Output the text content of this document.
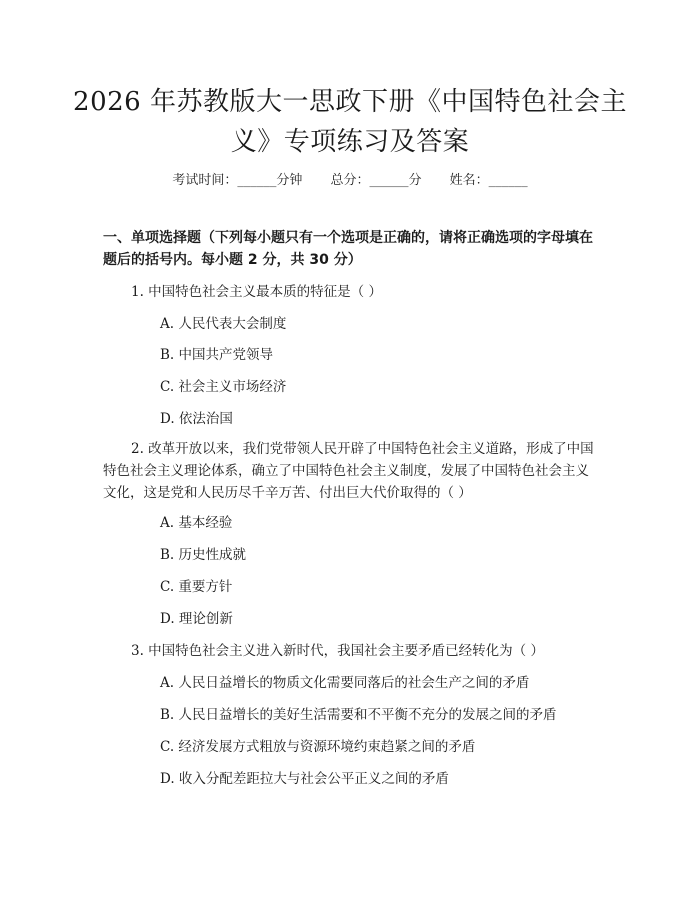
2026 年苏教版大一思政下册《中国特色社会主义》专项练习及答案
考试时间：______分钟 总分：______分 姓名：______
一、单项选择题（下列每小题只有一个选项是正确的，请将正确选项的字母填在题后的括号内。每小题 2 分，共 30 分）
1. 中国特色社会主义最本质的特征是（ ）
A. 人民代表大会制度
B. 中国共产党领导
C. 社会主义市场经济
D. 依法治国
2. 改革开放以来，我们党带领人民开辟了中国特色社会主义道路，形成了中国特色社会主义理论体系，确立了中国特色社会主义制度，发展了中国特色社会主义文化，这是党和人民历尽千辛万苦、付出巨大代价取得的（ ）
A. 基本经验
B. 历史性成就
C. 重要方针
D. 理论创新
3. 中国特色社会主义进入新时代，我国社会主要矛盾已经转化为（ ）
A. 人民日益增长的物质文化需要同落后的社会生产之间的矛盾
B. 人民日益增长的美好生活需要和不平衡不充分的发展之间的矛盾
C. 经济发展方式粗放与资源环境约束趋紧之间的矛盾
D. 收入分配差距拉大与社会公平正义之间的矛盾
